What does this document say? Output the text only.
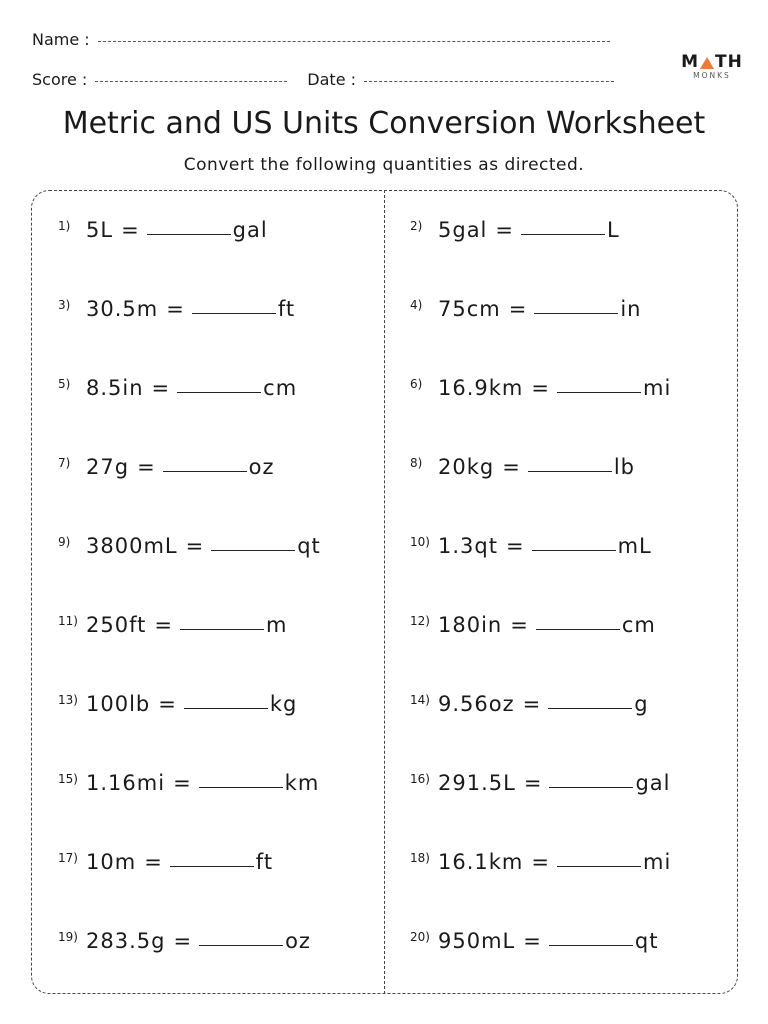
Name :
Score :	Date :
M T H
MONKS
Metric and US Units Conversion Worksheet
Convert the following quantities as directed.
1) 5L =	gal	2) 5gal =	L
3) 30.5m =	ft	4) 75cm =	in
5) 8.5in =	cm	6) 16.9km =	mi
7) 27g =	oz	8) 20kg =	lb
9) 3800mL =	qt	10) 1.3qt =	mL
11) 250ft =	m	12) 180in =	cm
13) 100lb =	kg	14) 9.56oz =	g
15) 1.16mi =	km	16) 291.5L =	gal
17) 10m =	ft	18) 16.1km =	mi
19) 283.5g =	oz	20) 950mL =	qt
